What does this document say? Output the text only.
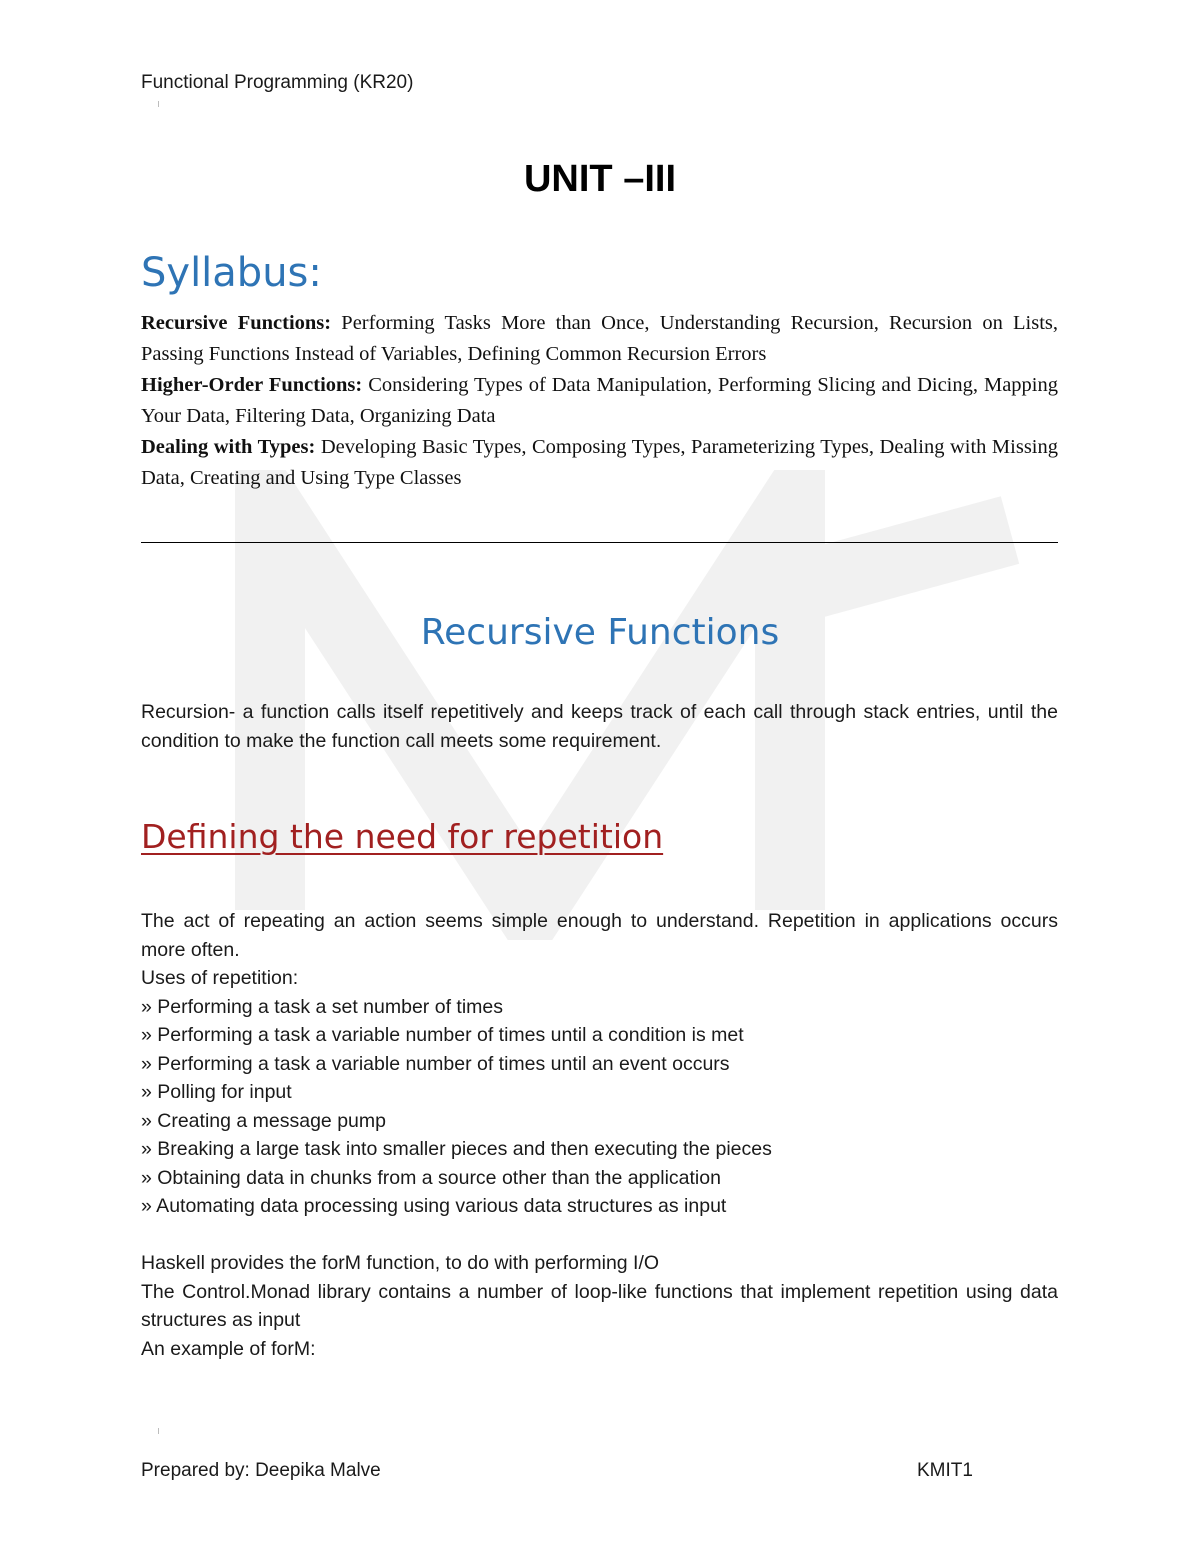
Functional Programming (KR20)
UNIT –III
Syllabus:

Recursive Functions: Performing Tasks More than Once, Understanding Recursion, Recursion on Lists, Passing Functions Instead of Variables, Defining Common Recursion Errors

Higher-Order Functions: Considering Types of Data Manipulation, Performing Slicing and Dicing, Mapping Your Data, Filtering Data, Organizing Data

Dealing with Types: Developing Basic Types, Composing Types, Parameterizing Types, Dealing with Missing Data, Creating and Using Type Classes

Recursive Functions

Recursion- a function calls itself repetitively and keeps track of each call through stack entries, until the condition to make the function call meets some requirement.

Defining the need for repetition

The act of repeating an action seems simple enough to understand. Repetition in applications occurs more often.

Uses of repetition:

» Performing a task a set number of times

» Performing a task a variable number of times until a condition is met

» Performing a task a variable number of times until an event occurs

» Polling for input

» Creating a message pump

» Breaking a large task into smaller pieces and then executing the pieces

» Obtaining data in chunks from a source other than the application

» Automating data processing using various data structures as input

Haskell provides the forM function, to do with performing I/O

The Control.Monad library contains a number of loop-like functions that implement repetition using data structures as input

An example of forM:

Prepared by: Deepika Malve	KMIT1
